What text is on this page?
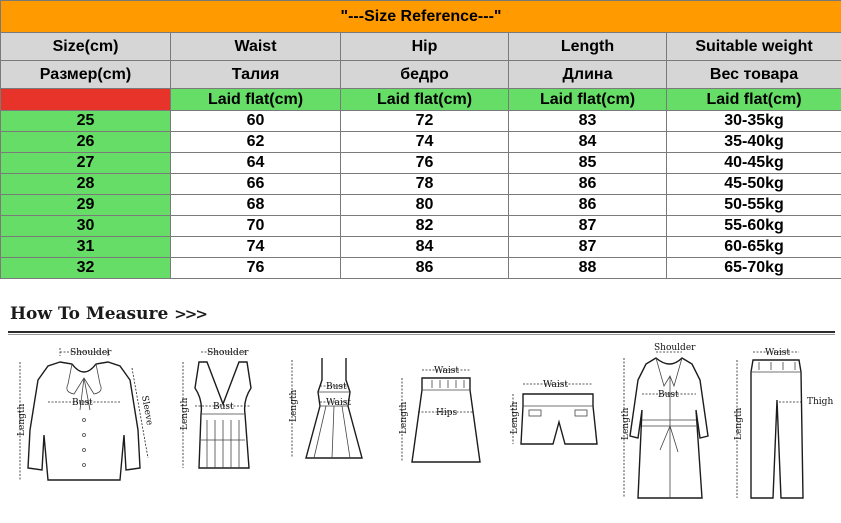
"---Size Reference---"				
Size(cm)	Waist	Hip	Length	Suitable weight
Размер(cm)	Талия	бедро	Длина	Вес товара
	Laid flat(cm)	Laid flat(cm)	Laid flat(cm)	Laid flat(cm)
25	60	72	83	30-35kg
26	62	74	84	35-40kg
27	64	76	85	40-45kg
28	66	78	86	45-50kg
29	68	80	86	50-55kg
30	70	82	87	55-60kg
31	74	84	87	60-65kg
32	76	86	88	65-70kg
How To Measure >>>
Shoulder
Bust
Length	Sleeve
Shoulder
Bust
Length
Bust
Waist
Length
Waist
Hips
Length
Waist
Length
Shoulder
Bust
Length
Waist
Thigh
Length
